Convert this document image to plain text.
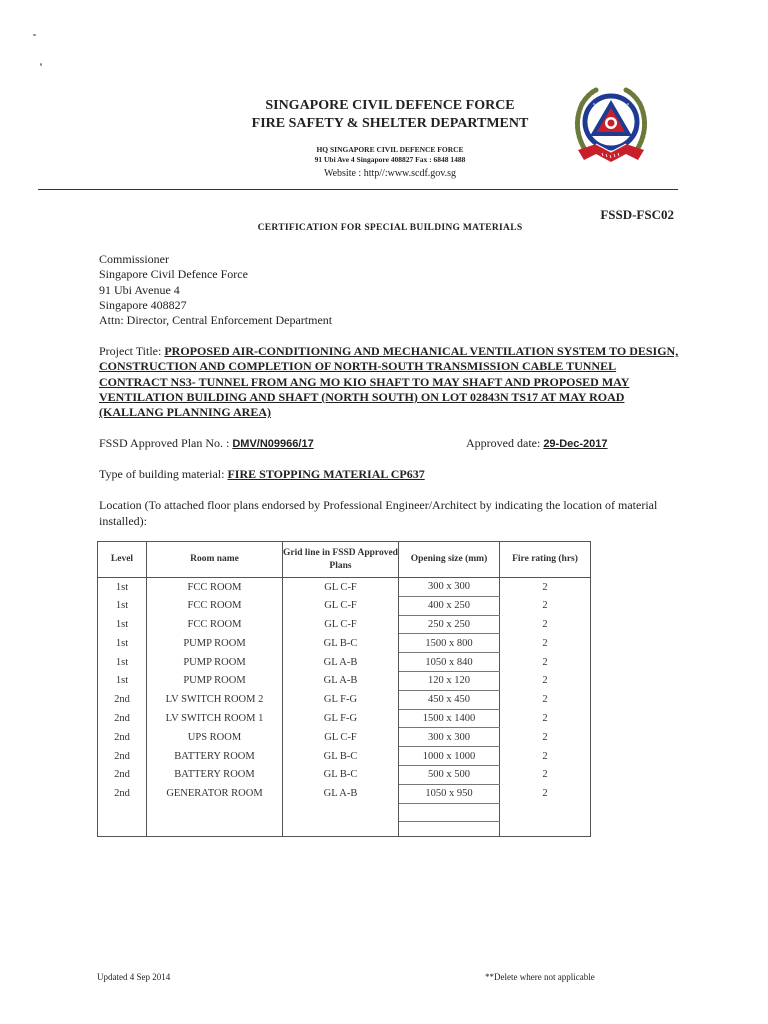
SINGAPORE CIVIL DEFENCE FORCE
FIRE SAFETY & SHELTER DEPARTMENT
HQ SINGAPORE CIVIL DEFENCE FORCE
91 Ubi Ave 4 Singapore 408827 Fax : 6848 1488
Website : http//:www.scdf.gov.sg
FSSD-FSC02
CERTIFICATION FOR SPECIAL BUILDING MATERIALS
Commissioner
Singapore Civil Defence Force
91 Ubi Avenue 4
Singapore 408827
Attn: Director, Central Enforcement Department
Project Title: PROPOSED AIR-CONDITIONING AND MECHANICAL VENTILATION SYSTEM TO DESIGN, CONSTRUCTION AND COMPLETION OF NORTH-SOUTH TRANSMISSION CABLE TUNNEL CONTRACT NS3- TUNNEL FROM ANG MO KIO SHAFT TO MAY SHAFT AND PROPOSED MAY VENTILATION BUILDING AND SHAFT (NORTH SOUTH) ON LOT 02843N TS17 AT MAY ROAD (KALLANG PLANNING AREA)
FSSD Approved Plan No. : DMV/N09966/17	Approved date: 29-Dec-2017
Type of building material: FIRE STOPPING MATERIAL CP637
Location (To attached floor plans endorsed by Professional Engineer/Architect by indicating the location of material installed):
Level	Room name	Grid line in FSSD Approved Plans	Opening size (mm)	Fire rating (hrs)
1st	FCC ROOM	GL C-F	300 x 300	2
1st	FCC ROOM	GL C-F	400 x 250	2
1st	FCC ROOM	GL C-F	250 x 250	2
1st	PUMP ROOM	GL B-C	1500 x 800	2
1st	PUMP ROOM	GL A-B	1050 x 840	2
1st	PUMP ROOM	GL A-B	120 x 120	2
2nd	LV SWITCH ROOM 2	GL F-G	450 x 450	2
2nd	LV SWITCH ROOM 1	GL F-G	1500 x 1400	2
2nd	UPS ROOM	GL C-F	300 x 300	2
2nd	BATTERY ROOM	GL B-C	1000 x 1000	2
2nd	BATTERY ROOM	GL B-C	500 x 500	2
2nd	GENERATOR ROOM	GL A-B	1050 x 950	2

Updated 4 Sep 2014	**Delete where not applicable
